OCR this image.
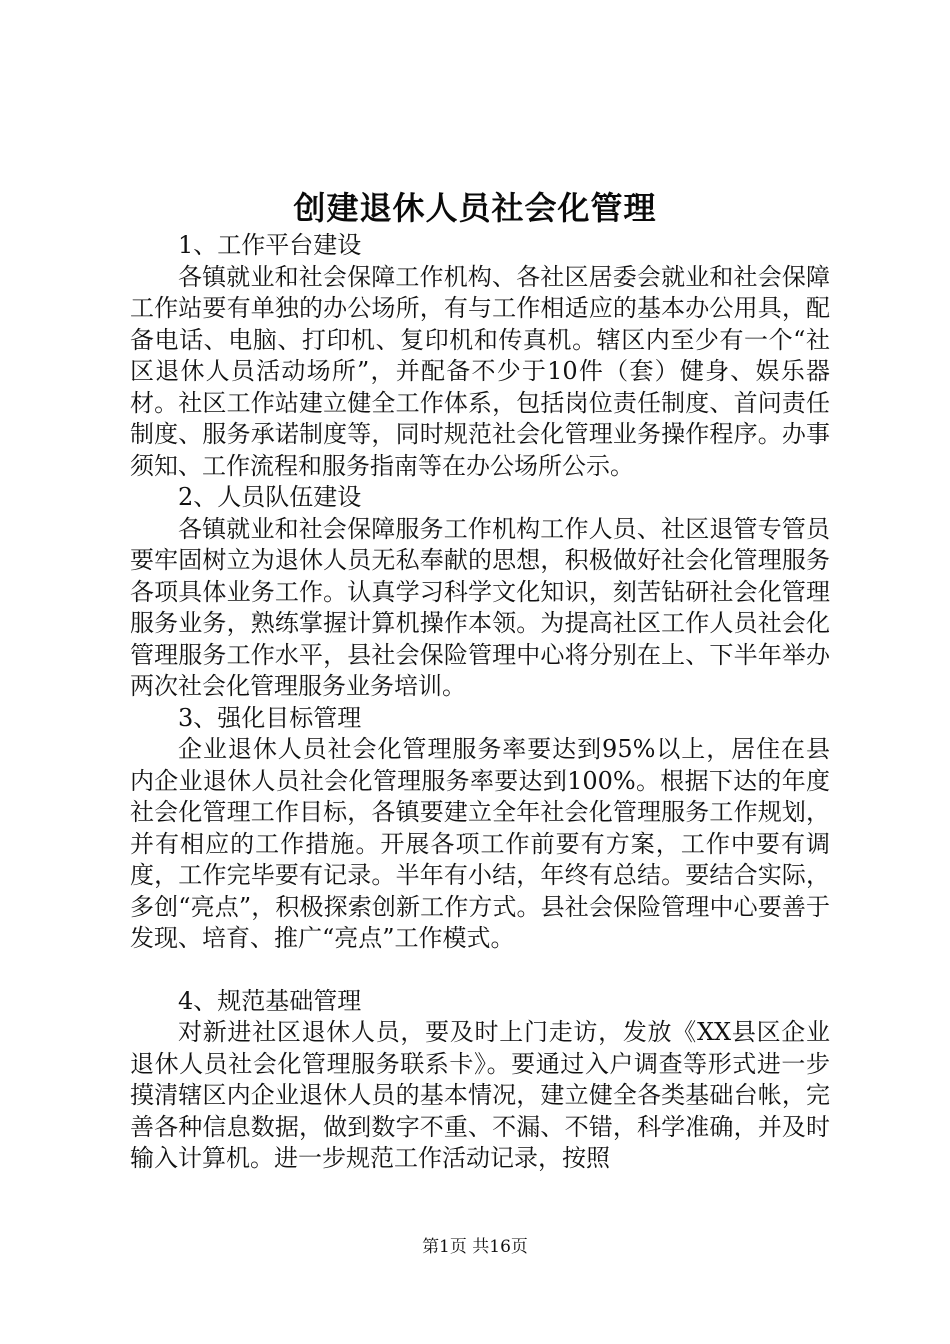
创建退休人员社会化管理

1、工作平台建设

各镇就业和社会保障工作机构、各社区居委会就业和社会保障工作站要有单独的办公场所，有与工作相适应的基本办公用具，配备电话、电脑、打印机、复印机和传真机。辖区内至少有一个“社区退休人员活动场所”，并配备不少于10件（套）健身、娱乐器材。社区工作站建立健全工作体系，包括岗位责任制度、首问责任制度、服务承诺制度等，同时规范社会化管理业务操作程序。办事须知、工作流程和服务指南等在办公场所公示。

2、人员队伍建设

各镇就业和社会保障服务工作机构工作人员、社区退管专管员要牢固树立为退休人员无私奉献的思想，积极做好社会化管理服务各项具体业务工作。认真学习科学文化知识，刻苦钻研社会化管理服务业务，熟练掌握计算机操作本领。为提高社区工作人员社会化管理服务工作水平，县社会保险管理中心将分别在上、下半年举办两次社会化管理服务业务培训。

3、强化目标管理

企业退休人员社会化管理服务率要达到95%以上，居住在县内企业退休人员社会化管理服务率要达到100%。根据下达的年度社会化管理工作目标，各镇要建立全年社会化管理服务工作规划，并有相应的工作措施。开展各项工作前要有方案，工作中要有调度，工作完毕要有记录。半年有小结，年终有总结。要结合实际，多创“亮点”，积极探索创新工作方式。县社会保险管理中心要善于发现、培育、推广“亮点”工作模式。

4、规范基础管理

对新进社区退休人员，要及时上门走访，发放《XX县区企业退休人员社会化管理服务联系卡》。要通过入户调查等形式进一步摸清辖区内企业退休人员的基本情况，建立健全各类基础台帐，完善各种信息数据，做到数字不重、不漏、不错，科学准确，并及时输入计算机。进一步规范工作活动记录，按照

第1页 共16页
